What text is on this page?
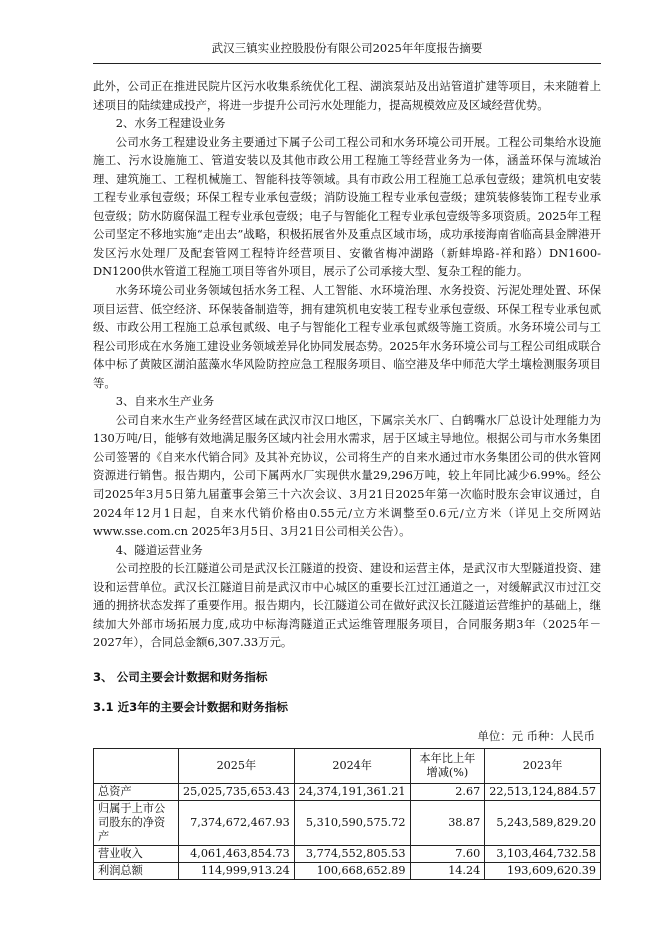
武汉三镇实业控股股份有限公司2025年年度报告摘要

此外，公司正在推进民院片区污水收集系统优化工程、湖滨泵站及出站管道扩建等项目，未来随着上述项目的陆续建成投产，将进一步提升公司污水处理能力，提高规模效应及区域经营优势。

2、水务工程建设业务

公司水务工程建设业务主要通过下属子公司工程公司和水务环境公司开展。工程公司集给水设施施工、污水设施施工、管道安装以及其他市政公用工程施工等经营业务为一体，涵盖环保与流域治理、建筑施工、工程机械施工、智能科技等领域。具有市政公用工程施工总承包壹级；建筑机电安装工程专业承包壹级；环保工程专业承包壹级；消防设施工程专业承包壹级；建筑装修装饰工程专业承包壹级；防水防腐保温工程专业承包壹级；电子与智能化工程专业承包壹级等多项资质。2025年工程公司坚定不移地实施“走出去”战略，积极拓展省外及重点区域市场，成功承接海南省临高县金牌港开发区污水处理厂及配套管网工程特许经营项目、安徽省梅冲湖路（新蚌埠路-祥和路）DN1600-DN1200供水管道工程施工项目等省外项目，展示了公司承接大型、复杂工程的能力。

水务环境公司业务领域包括水务工程、人工智能、水环境治理、水务投资、污泥处理处置、环保项目运营、低空经济、环保装备制造等，拥有建筑机电安装工程专业承包壹级、环保工程专业承包贰级、市政公用工程施工总承包贰级、电子与智能化工程专业承包贰级等施工资质。水务环境公司与工程公司形成在水务施工建设业务领域差异化协同发展态势。2025年水务环境公司与工程公司组成联合体中标了黄陂区湖泊蓝藻水华风险防控应急工程服务项目、临空港及华中师范大学土壤检测服务项目等。

3、自来水生产业务

公司自来水生产业务经营区域在武汉市汉口地区，下属宗关水厂、白鹤嘴水厂总设计处理能力为130万吨/日，能够有效地满足服务区域内社会用水需求，居于区域主导地位。根据公司与市水务集团公司签署的《自来水代销合同》及其补充协议，公司将生产的自来水通过市水务集团公司的供水管网资源进行销售。报告期内，公司下属两水厂实现供水量29,296万吨，较上年同比减少6.99%。经公司2025年3月5日第九届董事会第三十六次会议、3月21日2025年第一次临时股东会审议通过，自2024年12月1日起，自来水代销价格由0.55元/立方米调整至0.6元/立方米（详见上交所网站www.sse.com.cn 2025年3月5日、3月21日公司相关公告）。

4、隧道运营业务

公司控股的长江隧道公司是武汉长江隧道的投资、建设和运营主体，是武汉市大型隧道投资、建设和运营单位。武汉长江隧道目前是武汉市中心城区的重要长江过江通道之一，对缓解武汉市过江交通的拥挤状态发挥了重要作用。报告期内，长江隧道公司在做好武汉长江隧道运营维护的基础上，继续加大外部市场拓展力度,成功中标海湾隧道正式运维管理服务项目，合同服务期3年（2025年－2027年），合同总金额6,307.33万元。

3、 公司主要会计数据和财务指标
3.1 近3年的主要会计数据和财务指标
单位：元 币种：人民币
	2025年	2024年	本年比上年增减(%)	2023年
总资产	25,025,735,653.43	24,374,191,361.21	2.67	22,513,124,884.57
归属于上市公司股东的净资产	7,374,672,467.93	5,310,590,575.72	38.87	5,243,589,829.20
营业收入	4,061,463,854.73	3,774,552,805.53	7.60	3,103,464,732.58
利润总额	114,999,913.24	100,668,652.89	14.24	193,609,620.39
